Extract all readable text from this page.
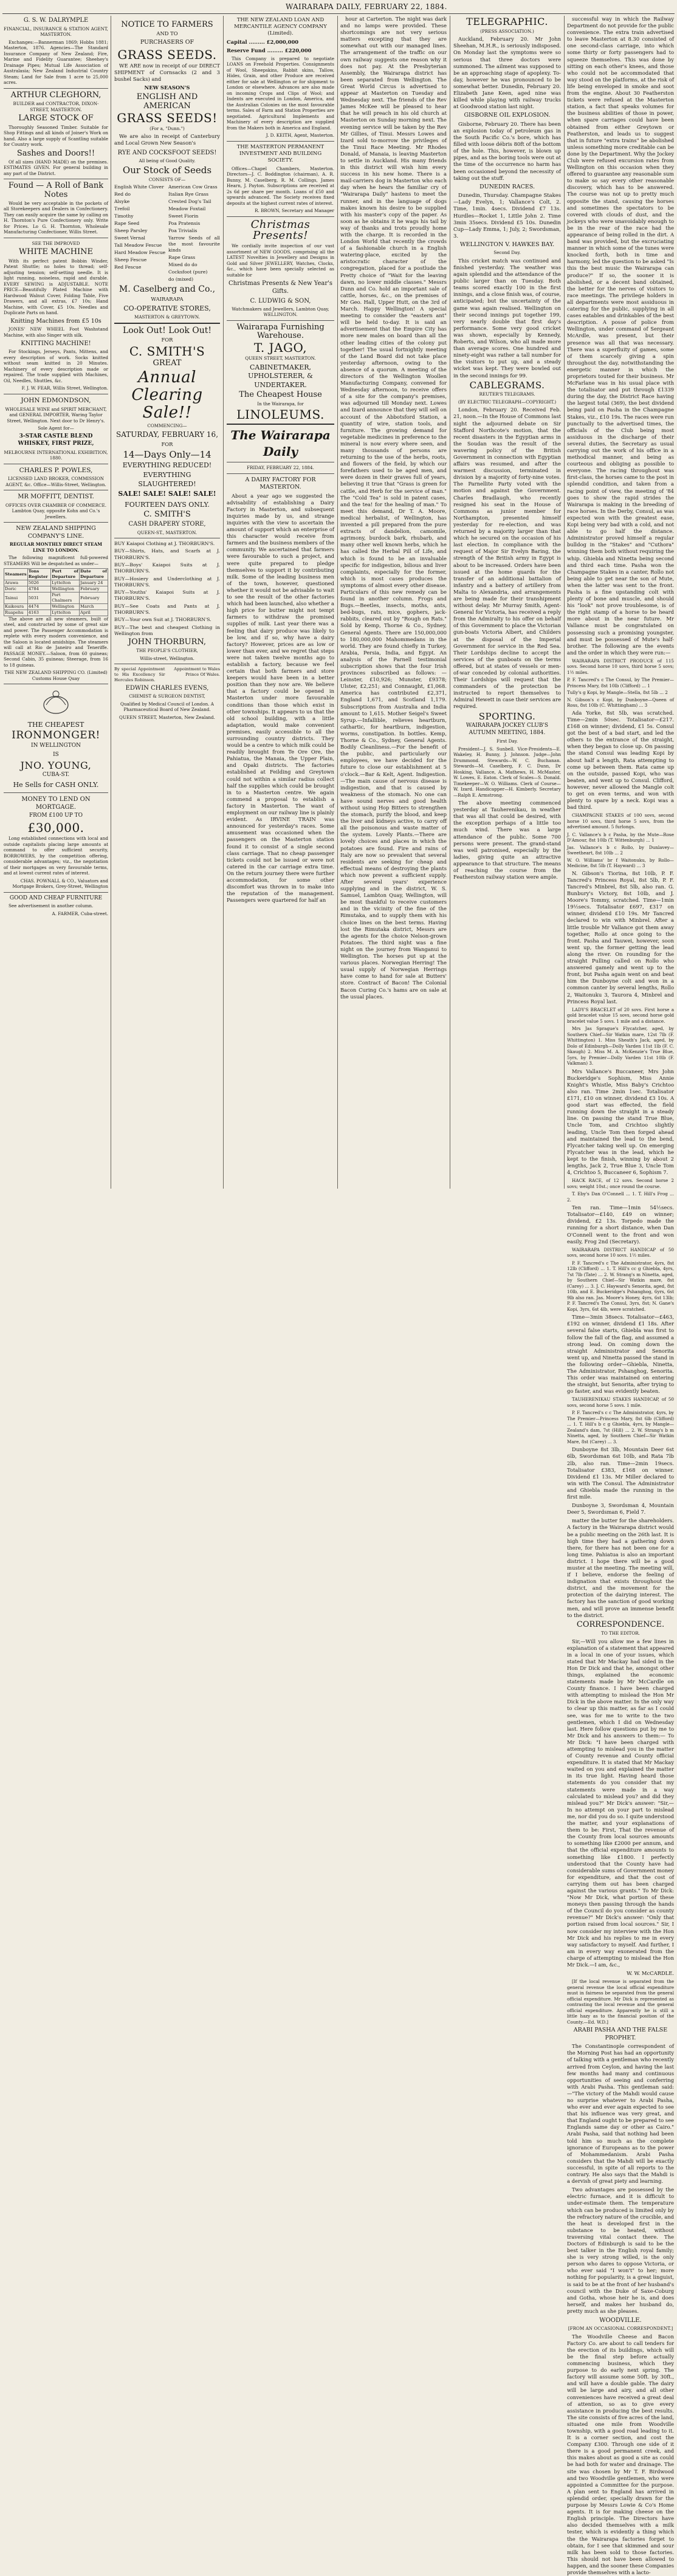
WAIRARAPA DAILY, FEBRUARY 22, 1884.
G. S. W. DALRYMPLE

FINANCIAL, INSURANCE & STATION AGENT, MASTERTON.

Exchanges:—Bannerman 1869; Hobbs 1881; Masterton, 1876. Agencies—The Standard Insurance Company of New Zealand; Fire, Marine and Fidelity Guarantee; Sheehey's Drainage Pipes; Mutual Life Association of Australasia; New Zealand Industrial Country Steam; Land for Sale from 1 acre to 25,000 acres.

ARTHUR CLEGHORN,

BUILDER and CONTRACTOR, DIXON-STREET, MASTERTON.

LARGE STOCK OF

Thoroughly Seasoned Timber. Suitable for Shop Fittings and all kinds of Joiner's Work on hand. Also a large supply of Scantling suitable for Country work.

Sashes and Doors!!

Of all sizes (HAND MADE) on the premises. ESTIMATES GIVEN. For general building in any part of the District.

Found — A Roll of Bank Notes

Would be very acceptable in the pockets of all Storekeepers and Dealers in Confectionery. They can easily acquire the same by calling on H. Thornton's Pure Confectionery only. Write for Prices. Lo G. H. Thornton, Wholesale Manufacturing Confectioner, Willis Street.

SEE THE IMPROVED

WHITE MACHINE

With its perfect patent Bobbin Winder, Patent Shuttle; no holes to thread; self-adjusting tension; self-setting needle. It is light running, noiseless, rapid and durable. EVERY SEWING is ADJUSTABLE. NOTE PRICE—Beautifully Plated Machine with Hardwood Walnut Cover, Folding Table, Five Drawers, and all extras, £7 10s; Hand Machine, with Cover, £5 10s. Needles and Duplicate Parts on hand.

Knitting Machines from £5 10s

JONES' NEW WHEEL Foot Washstand Machine, with also Singer with silk.

KNITTING MACHINE!

For Stockings, Jerseys, Pants, Mittens, and every description of work. Socks knitted without seam knitted in 20 Minutes. Machinery of every description made or repaired. The trade supplied with Machines, Oil, Needles, Shuttles, &c.

F. J. W. FEAR, Willis Street, Wellington.

JOHN EDMONDSON,

WHOLESALE WINE and SPIRIT MERCHANT, and GENERAL IMPORTER, Waring Taylor Street, Wellington. Next door to Dr Henry's.

Sole Agent for—

3-STAR CASTLE BLEND WHISKEY, FIRST PRIZE,

MELBOURNE INTERNATIONAL EXHIBITION, 1880.

CHARLES P. POWLES,

LICENSED LAND BROKER, COMMISSION AGENT, &c. Office—Willis-Street, Wellington.

MR MOFFITT, DENTIST.

OFFICES OVER CHAMBER OF COMMERCE. Lambton Quay, opposite Kohn and Co.'s Jewellers.

NEW ZEALAND SHIPPING COMPANY'S LINE.

REGULAR MONTHLY DIRECT STEAM LINE TO LONDON.

The following magnificent full-powered STEAMERS Will be despatched as under—

Steamers	Tons Register	Port of Departure	Date of Departure
Arawa	5026	Lyttelton	January 24
Doric	4784	Wellington	February
Tainui	5031	Port Chalmers	February
Kaikoura	4474	Wellington	March
Ruapehu	4163	Lyttelton	April

The above are all new steamers, built of steel, and constructed by some of great size and power. The Passenger Accommodation is replete with every modern convenience, and the Saloon is located amidships. The steamers will call at Rio de Janeiro and Teneriffe. PASSAGE MONEY.—Saloon, from 60 guineas; Second Cabin, 35 guineas; Steerage, from 16 to 18 guineas.

THE NEW ZEALAND SHIPPING CO. (Limited) Customs House Quay

THE CHEAPEST
IRONMONGER!

IN WELLINGTON

IS

JNO. YOUNG,

CUBA-ST.

He Sells for CASH ONLY.
MONEY TO LEND ON MORTGAGE.

FROM £100 UP TO

£30,000.

Long established connections with local and outside capitalists placing large amounts at command to offer sufficient security, BORROWERS, by the competition offering, considerable advantages; viz., the negotiation of their mortgages on very favourable terms, and at lowest current rates of interest.

CHAS. POWNALL & CO., Valuators and Mortgage Brokers, Grey-Street, Wellington

GOOD AND CHEAP FURNITURE

See advertisement in another column.

A. FARMER, Cuba-street.

NOTICE TO FARMERS

AND TO

PURCHASERS OF

GRASS SEEDS.

WE ARE now in receipt of our DIRECT SHIPMENT of Cornsacks (2 and 3 bushel Sacks) and

NEW SEASON'S

ENGLISH AND AMERICAN
GRASS SEEDS!

(For a, "Dunn.")

We are also in receipt of Canterbury and Local Grown New Season's

RYE AND COCKSFOOT SEEDS!

All being of Good Quality.

Our Stock of Seeds

CONSISTS OF—

English White Clover
Red do
Alsyke
Trefoil
Timothy
Rape Seed
Sheep Parsley
Sweet Vernal
Tall Meadow Fescue
Hard Meadow Fescue
Sheep Fescue
Red Fescue
American Cow Grass
Italian Rye Grass
Crested Dog's Tail
Meadow Foxtail
Sweet Fiorin
Poa Pratensis
Poa Trivialis
Yarrow Seeds of all the most favourite kinds
Rape Grass
Mixed do do
Cocksfoot (pure)
do (mixed)
M. Caselberg and Co.,

WAIRARAPA

CO-OPERATIVE STORES,

MASTERTON & GREYTOWN.

Look Out! Look Out!

FOR

C. SMITH'S
GREAT
Annual
Clearing
Sale!!

COMMENCING—

SATURDAY, FEBRUARY 16,

FOR

14—Days Only—14
EVERYTHING REDUCED!
EVERYTHING SLAUGHTERED!

SALE! SALE! SALE! SALE!

FOURTEEN DAYS ONLY.
C. SMITH'S
CASH DRAPERY STORE,

QUEEN-ST., MASTERTON.

BUY Kaiapoi Clothing at J. THORBURN'S.
BUY—Shirts, Hats, and Scarfs at J. THORBURN'S.
BUY—Boys' Kaiapoi Suits at J. THORBURN'S.
BUY—Hosiery and Underclothing at J. THORBURN'S.
BUY—Youths' Kaiapoi Suits at J. THORBURN'S.
BUY—See Coats and Pants at J. THORBURN'S.
BUY—Your own Suit at J. THORBURN'S.
BUY—The best and cheapest Clothing in Wellington from
JOHN THORBURN,

THE PEOPLE'S CLOTHIER,

Willis-street, Wellington.

By special Appointment to His Excellency Sir Hercules Robinson.
Appointment to Wales Prince Of Wales.
EDWIN CHARLES EVENS,

CHEMIST & SURGEON DENTIST,

Qualified by Medical Council of London. A Pharmaceutical Board of New Zealand.

QUEEN STREET, Masterton, New Zealand.

THE NEW ZEALAND LOAN AND MERCANTILE AGENCY COMPANY (Limited).

Capital ......... £2,000,000

Reserve Fund ......... £220,000

This Company is prepared to negotiate LOANS on Freehold Properties. Consignments of Wool, Sheepskins, Rabbit skins, Tallow, Hides, Grain, and other Produce are received either for sale at Wellington or for shipment to London or elsewhere. Advances are also made on incoming Crops and Clips of Wool; and Indents are executed in London, America, and the Australian Colonies on the most favourable terms. Sales of Farm and Station Properties are negotiated. Agricultural Implements and Machinery of every description are supplied from the Makers both in America and England.

J. D. KEITH, Agent, Masterton.

THE MASTERTON PERMANENT INVESTMENT AND BUILDING SOCIETY.

Offices—Chapel Chambers, Masterton. Directors—J. C. Boddington (chairman), A. R. Bunny, M. Caselberg, R. M. Collings, James Hearn, J. Payton. Subscriptions are received at 2s 6d per share per month. Loans of £50 and upwards advanced. The Society receives fixed deposits at the highest current rates of interest.

R. BROWN, Secretary and Manager

Christmas Presents!

We cordially invite inspection of our vast assortment of NEW GOODS, comprising all the LATEST Novelties in Jewellery and Designs in Gold and Silver JEWELLERY, Watches, Clocks, &c., which have been specially selected as suitable for

Christmas Presents & New Year's Gifts.
C. LUDWIG & SON,

Watchmakers and Jewellers, Lambton Quay, WELLINGTON.

Wairarapa Furnishing Warehouse.
T. JAGO,

QUEEN STREET, MASTERTON.

CABINETMAKER, UPHOLSTERER, & UNDERTAKER.
The Cheapest House

In the Wairarapa, for

LINOLEUMS.
The Wairarapa Daily

FRIDAY, FEBRUARY 22, 1884.

A DAIRY FACTORY FOR MASTERTON.

About a year ago we suggested the advisability of establishing a Dairy Factory in Masterton, and subsequent inquiries made by us, and strange inquiries with the view to ascertain the amount of support which an enterprise of this character would receive from farmers and the business members of the community. We ascertained that farmers were favourable to such a project, and were quite prepared to pledge themselves to support it by contributing milk. Some of the leading business men of the town, however, questioned whether it would not be advisable to wait to see the result of the other factories which had been launched, also whether a high price for butter might not tempt farmers to withdraw the promised supplies of milk. Last year there was a feeling that dairy produce was likely to be low, and if so, why have a dairy factory? However, prices are as low or lower than ever, and we regret that steps were not taken twelve months ago to establish a factory, because we feel certain that both farmers and store keepers would have been in a better position than they now are. We believe that a factory could be opened in Masterton under more favourable conditions than those which exist in other townships. It appears to us that the old school building, with a little adaptation, would make convenient premises, easily accessible to all the surrounding country districts. They would be a centre to which milk could be readily brought from Te Ore Ore, the Pahiatua, the Manaia, the Upper Plain, and Opaki districts. The factories established at Feilding and Greytown could not within a similar radius collect half the supplies which could be brought in to a Masterton centre. We again commend a proposal to establish a factory in Masterton. The want of employment on our railway line is plainly evident. As IRVINE TRAIN was announced for yesterday's races. Some amusement was occasioned when the passengers on the Masterton station found it to consist of a single second class carriage. That no cheap passenger tickets could not be issued or were not catered in the car carriage extra time. On the return journey there were further accommodation, for some other discomfort was thrown in to make into the reputation of the management. Passengers were quartered for half an

hour at Carterton. The night was dark and no lamps were provided. These shortcomings are not very serious matters excepting that they are somewhat out with our managed lines. The arrangement of the traffic on our own railway suggests one reason why it does not pay. At the Presbyterian Assembly, the Wairarapa district has been separated from Wellington. The Great World Circus is advertised to appear at Masterton on Tuesday and Wednesday next. The friends of the Rev James McKee will be pleased to hear that he will preach in his old church at Masterton on Sunday morning next. The evening service will be taken by the Rev Mr Gillies, of Tinui. Messrs Lowes and Izard sold to-morrow the privileges of the Tinui Race Meeting. Mr Rhodes Donald, of Manaia, is leaving Masterton to settle in Auckland. His many friends in this district will wish him every success in his new home. There is a mail-carriers dog in Masterton who each day when he hears the familiar cry of "Wairarapa Daily" hastens to meet the runner, and in the language of dogs makes known his desire to be supplied with his master's copy of the paper. As soon as he obtains it he wags his tail by way of thanks and trots proudly home with the charge. It is recorded in the London World that recently the crowds of a fashionable church in a English watering-place, excited by the aristocratic character of the congregation, placed for a postlude the Pretty choice of "Wait for the leaving dawn, no lower middle classes." Messrs Dunn and Co. hold an important sale of cattle, horses, &c., on the premises of Mr Geo. Hall, Upper Hutt, on the 3rd of March. Happy Wellington! A special meeting to consider the "eastern ant" will be held to-day. It is said an advertisement that the Empire City has more new males on board than all the other leading cities of the colony put together! The usual fortnightly meeting of the Land Board did not take place yesterday afternoon, owing to the absence of a quorum. A meeting of the directors of the Wellington Woollen Manufacturing Company, convened for Wednesday afternoon, to receive offers of a site for the company's premises, was adjourned till Monday next. Lowes and Izard announce that they will sell on account of the Abbotsford Station, a quantity of wire, station tools, and furniture. The growing demand for vegetable medicines in preference to the mineral is now every where seen, and many thousands of persons are returning to the use of the herbs, roots, and flowers of the field, by which our forefathers used to be aged men, and were dozen in their graves full of years, believing it true that "Grass is green for cattle, and Herb for the service of man." The "Cold Tea" is sold in patent cases, and the tea! for the healing of man." To meet this demand, Dr T. A. Moore, medical herbalist, of Wellington, has invented a pill prepared from the pure extracts of dandelion, camomile, agrimony, burdock bark, rhubarb, and many other well known herbs, which he has called the Herbal Pill of Life, and which is found to be an invaluable specific for indigestion, bilious and liver complaints, especially for the former, which is most cases produces the symptoms of almost every other disease. Particulars of this new remedy can be found in another column. Frogs and Bugs.—Beetles, insects, moths, ants, bed-bugs, rats, mice, gophers, jack-rabbits, cleared out by "Rough on Rats." Sold by Kemp, Thorne & Co., Sydney, General Agents. There are 150,000,000 to 180,000,000 Mahommedans in the world. They are found chiefly in Turkey, Arabia, Persia, India, and Egypt. An analysis of the Parnell testimonial subscription shows that the four Irish provinces subscribed as follows: —Leinster, £10,926; Munster, £9378; Ulster, £2,251; and Connaught, £1,068. America has contributed £2,371, England 1,671, and Scotland 1,179. Subscriptions from Australia and India amount to 1,615. Mother Seigel's Sweet Syrup.—Infallible, relieves heartburn, cathartic, for heartburn, indigestion, worms, constipation. In bottles. Kemp, Thorne & Co., Sydney, General Agents. Bodily Cleanliness.—For the benefit of the public, and particularly our employees, we have decided for the future to close our establishment at 5 o'clock.—Bar & Kelt, Agent. Indigestion.—The main cause of nervous disease is indigestion, and that is caused by weakness of the stomach. No one can have sound nerves and good health without using Hop Bitters to strengthen the stomach, purify the blood, and keep the liver and kidneys active, to carry off all the poisonous and waste matter of the system. Lovely Plants.—There are lovely choices and places in which the potatoes are found. Fire and rains of Italy are now so prevalent that several residents are seeking for cheap and effectual means of destroying the plants which now prevent a sufficient supply. After several years' experience supplying and in the district, W. S. Samuel, Lambton Quay, Wellington, will be most thankful to receive customers and in the vicinity of the fine of the Rimutaka, and to supply them with his choice lines on the best terms. Having lost the Rimutaka district, Messrs are the agents for the choice Nelson-grown Potatoes. The third night was a fine night on the journey from Wanganui to Wellington. The horses put up at the various places. Norwegian Herring! The usual supply of Norwegian Herrings have come to hand for sale at Butters' store. Contract of Bacon! The Colonial Bacon Curing Co.'s hams are on sale at the usual places.

TELEGRAPHIC.

(PRESS ASSOCIATION.)

Auckland, February 20. Mr John Sheehan, M.H.R., is seriously indisposed. On Monday last the symptoms were so serious that three doctors were summoned. The ailment was supposed to be an approaching stage of apoplexy. To-day, however he was pronounced to be somewhat better. Dunedin, February 20. Elizabeth Jane Keen, aged nine was killed while playing with railway trucks at Goodwood station last night.

GISBORNE OIL EXPLOSION.

Gisborne, February 20. There has been an explosion today of petroleum gas in the South Pacific Co.'s bore, which has filled with loose débris 80ft of the bottom of the hole. This, however, is blown up pipes, and as the boring tools were out at the time of the occurrence no harm has been occasioned beyond the necessity of taking out the stuff.

DUNEDIN RACES.

Dunedin, Thursday. Champagne Stakes—Lady Evelyn, 1; Vallance's Colt, 2. Time, 1min. 4secs. Dividend £7 13s. Hurdles—Rocket 1, Little John 2. Time 3min 35secs. Dividend £5 10s. Dunedin Cup—Lady Emma, 1; July, 2; Swordsman, 3.

WELLINGTON V. HAWKES BAY.

Second Day.

This cricket match was continued and finished yesterday. The weather was again splendid and the attendance of the public larger than on Tuesday. Both teams scored exactly 100 in the first innings, and a close finish was, of course, anticipated; but the uncertainty of the game was again realised. Wellington on their second innings put together 199, very nearly double that first day's performance. Some very good cricket was shown, especially by Kennedy, Roberts, and Wilson, who all made more than average scores. One hundred and ninety-eight was rather a tall number for the visitors to put up, and a steady wicket was kept. They were bowled out in the second innings for 99.

CABLEGRAMS.

REUTER'S TELEGRAMS.

(BY ELECTRIC TELEGRAPH—COPYRIGHT.)

London, February 20. Received Feb. 21, noon.—In the House of Commons last night the adjourned debate on Sir Stafford Northcote's motion, that the recent disasters in the Egyptian arms in the Soudan was the result of the wavering policy of the British Government in connection with Egyptian affairs was resumed, and after the warmest discussion, terminated in division by a majority of forty-nine votes. The Parnellite Party voted with the motion and against the Government. Charles Bradlaugh, who recently resigned his seat in the House of Commons as junior member for Northampton, presented himself yesterday for re-election, and was returned by a majority larger than that which he secured on the occasion of his last election. In compliance with the request of Major Sir Evelyn Baring, the strength of the British army in Egypt is about to be increased. Orders have been issued at the home guards for the transfer of an additional battalion of infantry and a battery of artillery from Malta to Alexandria, and arrangements are being made for their transhipment without delay. Mr Murray Smith, Agent-General for Victoria, has received a reply from the Admiralty to his offer on behalf of this Government to place the Victorian gun-boats Victoria Albert, and Childers at the disposal of the Imperial Government for service in the Red Sea. Their Lordships decline to accept the services of the gunboats on the terms offered, but at states of vessels or men-of-war conceded by colonial authorities. Their Lordships will request that the commanders of the protection be instructed to report themselves to Admiral Hewett in case their services are required.

SPORTING.
WAIRARAPA JOCKEY CLUB'S AUTUMN MEETING, 1884.

First Day.

President—J. S. Sunbell. Vice-Presidents—E. Wakeley, H. Bunny, J. Johnson. Judge—John Drummond. Stewards—W. C. Buchanan. Stewards—M. Caselberg, F. C. Dunn, Dr Hosking, Vallance, A. Mathews, H. McMaster, W. Lowes, E. Eaton. Clerk of Scales—S. Donald. Timekeeper—W. O. Williams. Clerk of Course—W. Izard. Handicapper—H. Kimberly. Secretary—Ralph E. Armstrong.

The above meeting commenced yesterday at Tauherenikau, in weather that was all that could be desired, with the exception perhaps of a little too much wind. There was a large attendance of the public. Some 700 persons were present. The grand-stand was well patronised, especially by the ladies, giving quite an attractive appearance to that structure. The means of reaching the course from the Featherston railway station were ample.

successful way in which the Railway Department do not provide for the public convenience. The extra train advertised to leave Masterton at 8.30 consisted of one second-class carriage, into which some thirty or forty passengers had to squeeze themselves. This was done by sitting on each other's knees, and those who could not be accommodated that way stood on the platforms, at the risk of life being enveloped in smoke and soot from the engine. About 30 Featherston tickets were refused at the Masterton station, a fact that speaks volumes for the business abilities of those in power, when spare carriages could have been obtained from either Greytown or Featherston, and leads us to suggest that in future "extra trains" be abolished unless something more creditable can be done by the Department. Why the Jockey Club were refused excursion rates from Wellington on this occasion when they offered to guarantee any reasonable sum to make so say every other reasonable discovery, which has to be answered. The course was not up to pretty much opposite the stand, causing the horses and sometimes the spectators to be covered with clouds of dust, and the jockeys who were unavoidably enough to be in the rear of the race had the appearance of being rolled in the dirt. A band was provided, but the excruciating manner in which some of the tunes were knocked forth, both in time and harmony, led the question to be asked "Is this the best music the Wairarapa can produce?" If so, the sooner it is abolished, or a decent band obtained, the better for the nerves of visitors to race meetings. The privilege holders in all departments were most assiduous in catering for the public, supplying in all cases eatables and drinkables of the best description. A posse of police from Wellington, under command of Sergeant McArdle, was present, but their presence was all that was necessary. There was a superfluity of games, some of them scarcely giving a spin throughout the day, notwithstanding the energetic manner in which the proprietors touted for their business. Mr McFarlane was in his usual place with the totalisator and put through £1339 during the day, the District Race having the largest total (369), the best dividend being paid on Pasha in the Champagne Stakes, viz., £10 19s. The races were run punctually to the advertised times, the officials of the Club being most assiduous in the discharge of their several duties, the Secretary as usual carrying out the work of his office in a methodical manner, and being as courteous and obliging as possible to everyone. The racing throughout was first-class, the horses came to the post in splendid condition, and taken from a racing point of view, the meeting of '84 goes to show the rapid strides the Wairarapa is making in the breeding of race horses. In the Derby, Consul, as was expected won with the greatest ease, Kopi being very bad with a cold, and not able to go half the distance. Administrator proved himself a regular bulldog in the "Stakes" and "Cuthora" winning them both without requiring the whip. Ghiebla and Ninetta being second and third each time. Pasha won the Champagne Stakes in a canter, Rollo not being able to get near the son of Mute, when the latter was sent to the front. Pasha is a fine upstanding colt with plenty of bone and muscle, and should his "look" not prove troublesome, is of the right stamp of a horse to be heard more about in the near future. Mr Vallance must be congratulated on possessing such a promising youngster, and must be possessed of Mute's half-brother. The following are the events and the order in which they were run:—

WAIRARAPA DISTRICT PRODUCE of 115 sovs. Second horse 10 sovs, third horse 5 sovs; 1½ miles.

P. F. Tancred's c The Consul, by The Premier—Princess Mary, 8st 10lb (Clifford) ... 1
Tully's g Kopi, by Mangle—Stella, 8st 5lb ... 2
N. Gibson's c Kopi, by Dunboyne—Queen of Ross, 8st 10lb (C. Whittingham) ... 3

Ada Yorke, 8st 5lb, was scratched. Time—2min 50sec. Totalisator—£217. £168 on winner; dividend, £1 5s. Consul got the best of a bad start, and led the others to the entrance of the straight, when they began to close up. On passing the stand Consul was leading Kopi by about half a length, Rata attempting to come up between them. Rata came up on the outside, passed Kopi, who was beaten, and went up to Consul. Clifford, however, never allowed the Mangle colt to get on even terms, and won with plenty to spare by a neck. Kopi was a bad third.

CHAMPAGNE STAKES of 100 sovs, second horse 10 sovs, third horse 5 sovs, from the advertised amount. 5 furlongs.

J. C. Vallance's b c Pasha, by the Mute—Rose D'Amour, 8st 10lb (T. Wittenburgh) ... 1
Jas. Vallance's b c Rollo, by Dunlavey—Sweetheart, 8st 10lb ... 2
W. O. Williams' br f Waitonuku, by Rollo—Medicine, 8st 5lb (T. Hayward) ... 3

N. Gibson's Tiorina, 8st 10lb, P. F. Tancred's Princess Royal, 8st 5lb, P. F. Tancred's Minbrel, 8st 5lb, also ran. G. Bunbury's Victory, 8st 10lb, and J. Moore's Tommy, scratched. Time—1min 19½secs. Totalisator £697, £317 on winner, dividend £10 19s. Mr Tancred declared to win with Minbrel. After a little trouble Mr Vallance got them away together, Rollo at once going to the front. Pasha and Tauwei, however, soon went up, the former getting the lead along the river. On rounding for the straight Pulling called on Rollo who answered gamely and went up to the front, but Pasha again went on and beat him the Dunboyne colt and won in a common canter by several lengths, Rollo 2, Waitonuku 3, Taurora 4, Minbrel and Princess Royal last.

LADY'S BRACELET of 20 sovs. First horse a gold bracelet value 15 sovs, second horse gold bracelet value 5 sovs. 1 mile and a distance.

Mrs Jas Sprague's Flycatcher, aged, by Southern Chief—Sir Watkin mare, 12st 7lb (F. Whittington) 1. Miss Sheath's Jack, aged, by Dolo of Edinburgh—Dolly Varden 11st 1lb (F. C. Skaugh) 2. Miss M. A. McKenzie's True Blue, 5yrs, by Premier—Dolly Varden 11st 10lb (F. Valkman) 3.

Mrs Vallance's Buccaneer, Mrs John Buckeridge's Sophism, Miss Annie Knight's Whistle, Miss Baby's Crichtoo also ran. Time 2min 1sec. Totalisator £171, £10 on winner, dividend £3 10s. A good start was effected, the field running down the straight in a steady line. On passing the stand True Blue, Uncle Tom, and Crichtoo slightly leading, Uncle Tom then forged ahead and maintained the lead to the bend, Flycatcher taking well up. On emerging Flycatcher was in the lead, which he kept to the finish, winning by about 2 lengths, Jack 2, True Blue 3, Uncle Tom 4, Crichtoo 5, Buccaneer 6, Sophism 7.

HACK RACE, of 12 sovs. Second horse 2 sovs; weight 10st.; once round the course.

T. Eby's Dan O'Connell ... 1. T. Hill's Frog ... 2.

Ten ran. Time—1min 54½secs. Totalisator—£140, £49 on winner; dividend, £2 13s. Torpedo made the running for a short distance, when Dan O'Connell went to the front and won easily, Frog 2nd (Secretary).

WAIRARAPA DISTRICT HANDICAP of 50 sovs, second horse 10 sovs. 1½ miles.

P. F. Tancred's c The Administrator, 4yrs, 8st 12lb (Clifford) ... 1. T. Hill's cc g Ghiebla, 4yrs, 7st 7lb (Tate) ... 2. W. Strang's m Ninetta, aged, by Southern Chief—Sir Watkin mare, 8st (Carey) ... 3. J. C. Hayward's Senorita, aged, 8st 10lb, and E. Buckeridge's Pshanghog, 6yrs, 6st 9lb also ran. Jas. Moore's Honey, 4yrs, 6st 13lb; P. F. Tancred's The Consul, 3yrs, 8st; N. Gane's Kopi, 3yrs, 6st 4lb, were scratched.

Time—3min 38secs. Totalisator—£463, £192 on winner, dividend £1 18s. After several false starts, Ghiebla was first to follow the fall of the flag, and assumed a strong lead. On coming down the straight Administrator and Senorita went up, and Ninetta passed the stand in the following order—Ghiebla, Ninetta, The Administrator, Pshanghog, Senorita. This order was maintained on entering the straight, but Senorita, after trying to go faster, and was evidently beaten.

TAUHERENIKAU STAKES HANDICAP, of 50 sovs, second horse 5 sovs. 1 mile.

P. F. Tancred's c c The Administrator, 4yrs, by The Premier—Princess Mary, 8st 6lb (Clifford) ... 1. T. Hill's b c g Ghiebla, 4yrs, by Mangle—Zealand's dam, 7st (Hill) ... 2. W. Strang's b m Ninetta, aged, by Southern Chief—Sir Watkin Mare, 8st (Carey) ... 3.

Dunboyne 8st 3lb, Mountain Deer 6st 6lb, Swordsman 6st 10lb, and Rata 7lb 2lb, also ran. Time—2min 19secs. Totalisator £383, £168 on winner. Dividend £1 13s. Mr Miller declared to win with The Consul. The Administrator and Ghiebla made the running in the first mile.

Dunboyne 3, Swordsman 4, Mountain Deer 5, Swordsman 6, Field 7.

matter the butter for the shareholders. A factory in the Wairarapa district would be a public meeting on the 26th last. It is high time they had a gathering down there, for there has not been one for a long time. Pahiatua is also an important district. I hope there will be a good muster at the meeting. The meeting will, if I believe, endorse the feeling of indignation that exists throughout the district, and the movement for the protection of the dairying interest. The factory has the sanction of good working men, and will prove an immense benefit to the district.

CORRESPONDENCE.

TO THE EDITOR.

Sir,—Will you allow me a few lines in explanation of a statement that appeared in a local in one of your issues, which stated that Mr Mackay had sided in the Hon Dr Dick and that he, amongst other things, explained the economic statements made by Mr McCardle on County finance. I have been charged with attempting to mislead the Hon Mr Dick in the above matter. In the only way to clear up this matter, as far as I could see, was for me to write to the two gentlemen, which I did on Wednesday last. Here follow questions put by me to Mr Dick and his answers to them:— To Mr Dick: "I have been charged with attempting to mislead you in the matter of County revenue and County official expenditure. It is stated that Mr Mackay waited on you and explained the matter in its true light. Having heard those statements do you consider that my statements were made in a way calculated to mislead you? and did they mislead you?" Mr Dick's answer: "Sir,—In no attempt on your part to mislead me, nor did you do so. I quite understood the matter, and your explanations of them to be: First, That the revenue of the County from local sources amounts to something like £2000 per annum, and that the official expenditure amounts to something like £1800. I perfectly understood that the County have had considerable sums of Government money for expenditure, and that the cost of carrying them out has been charged against the various grants." To Mr Dick: "Now Mr Dick, what portion of these moneys then passing through the hands of the Council do you consider as county revenue?" Mr Dick's answer: "Only that portion raised from local sources." Sir, I now consider my interview with the Hon Mr Dick and his replies to me in every way satisfactory to myself. And further, I am in every way exonerated from the charge of attempting to mislead the Hon Mr Dick.—I am, &c.,

W. W. McCARDLE.

[If the local revenue is separated from the general revenue the local official expenditure must in fairness be separated from the general official expenditure. Mr Dick is represented as contrasting the local revenue and the general official expenditure. Apparently he is still a little hazy as to the financial position of the County.—Ed. W.D.]

ARABI PASHA AND THE FALSE PROPHET.

The Constantinople correspondent of the Morning Post has had an opportunity of talking with a gentleman who recently arrived from Ceylon, and having the last few months had many and continuous opportunities of seeing and conferring with Arabi Pasha. This gentleman said:—"The victory of the Mahdi would cause no surprise whatever to Arabi Pasha, who ever and ever again expected to see that his influence was very great, and that England ought to be prepared to see Englands same day or other as Cairo." Arabi Pasha, said that nothing had been told him so much as the complete ignorance of Europeans as to the power of Mohammedanism. Arabi Pasha considers that the Mahdi will be exactly successful, in spite of all reports to the contrary. He also says that the Mahdi is a dervish of great piety and learning.

Two advantages are possessed by the electric furnace, and it is difficult to under-estimate them. The temperature which can be produced is limited only by the refractory nature of the crucible, and the heat is developed first in the substance to be heated, without traversing vital contact there. The Doctors of Edinburgh is said to be the best talker in the English royal family; she is very strong willed, is the only person who dares to oppose Victoria, or who ever said "I won't" to her; more nothing for popularity, is a great linguist, is said to be at the front of her husband's council with the Duke of Saxe-Coburg and Gotha, whose heir he is, and does herself, and makes her husband do, pretty much as she pleases.

WOODVILLE.

[FROM AN OCCASIONAL CORRESPONDENT.]

The Woodville Cheese and Bacon Factory Co. are about to call tenders for the erection of its buildings, which will be the final step before actually commencing business, which they purpose to do early next spring. The factory will assume some 50ft. by 30ft., and will have a double gable. The dairy will be large and airy, and all other conveniences have received a great deal of attention, so as to give every assistance in producing the best results. The site consists of five acres of the land, situated one mile from Woodville township, with a good road leading to it. It is a corner section, and cost the Company £300. Through one side of it there is a good permanent creek, and this makes about as good a site as could be had both for water and drainage. The site was chosen by Mr T. F. Birdwood and two Woodville gentlemen, who were appointed a Committee for the purpose. A plan sent to England has arrived in splendid order, specially drawn for the purpose by Messrs Lowie & Co's Home agents. It is for making cheese on the English principle. The Directors have also decided themselves with a milk tester, which is evidently a thing which the the Wairarapa factories forget to obtain, for I see that skimmed and sour milk has been sold to those factories. This should not have been allowed to happen, and the sooner these Companies provide themselves with a lacto-
